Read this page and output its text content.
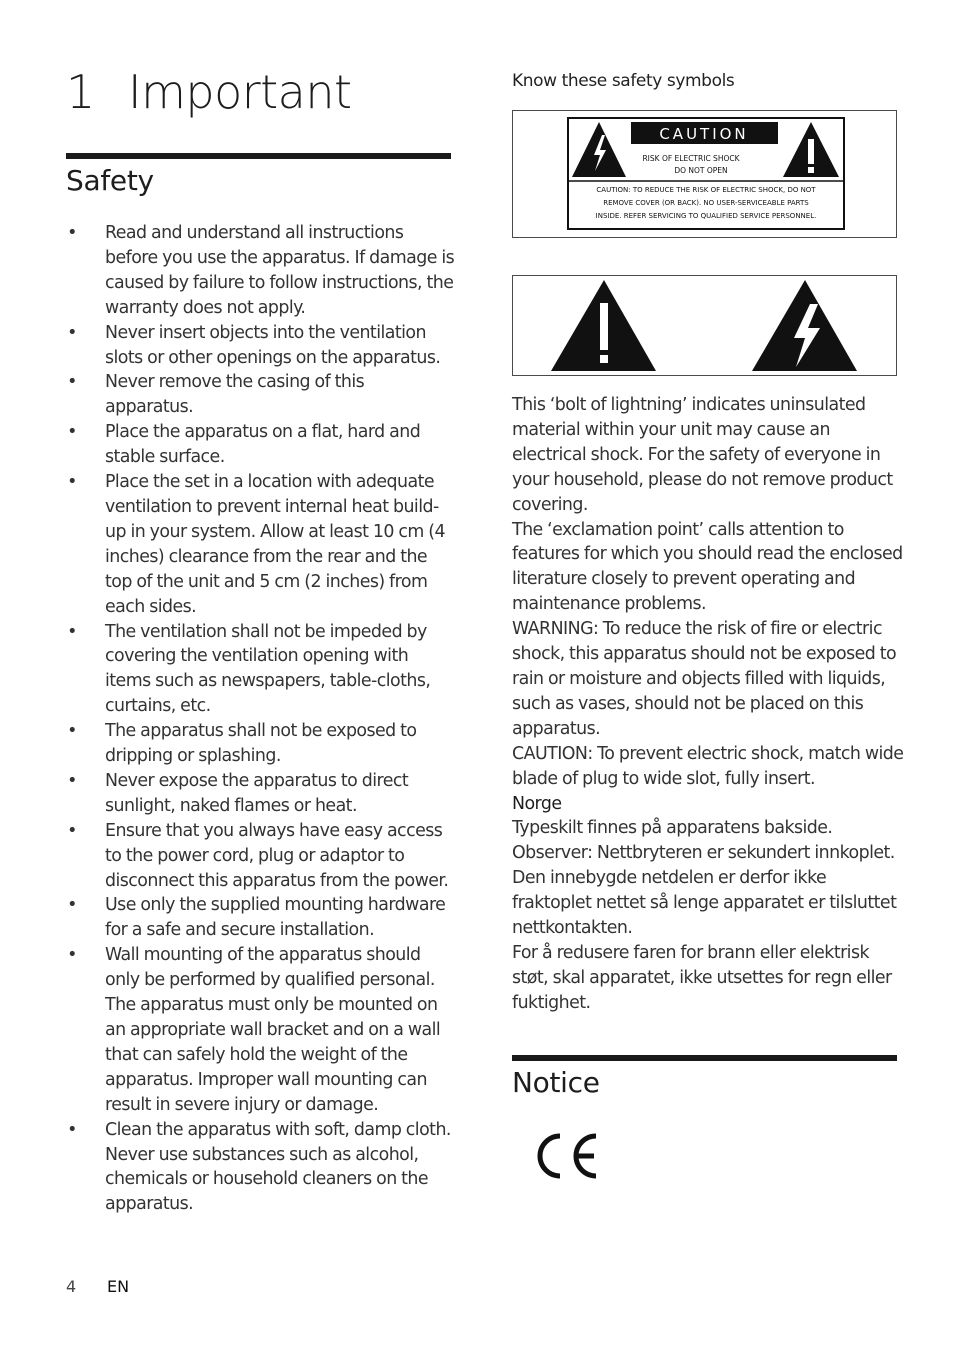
1 Important
Safety
• Read and understand all instructions before you use the apparatus. If damage is caused by failure to follow instructions, the warranty does not apply.
• Never insert objects into the ventilation slots or other openings on the apparatus.
• Never remove the casing of this apparatus.
• Place the apparatus on a flat, hard and stable surface.
• Place the set in a location with adequate ventilation to prevent internal heat build-up in your system. Allow at least 10 cm (4 inches) clearance from the rear and the top of the unit and 5 cm (2 inches) from each sides.
• The ventilation shall not be impeded by covering the ventilation opening with items such as newspapers, table-cloths, curtains, etc.
• The apparatus shall not be exposed to dripping or splashing.
• Never expose the apparatus to direct sunlight, naked flames or heat.
• Ensure that you always have easy access to the power cord, plug or adaptor to disconnect this apparatus from the power.
• Use only the supplied mounting hardware for a safe and secure installation.
• Wall mounting of the apparatus should only be performed by qualified personal. The apparatus must only be mounted on an appropriate wall bracket and on a wall that can safely hold the weight of the apparatus. Improper wall mounting can result in severe injury or damage.
• Clean the apparatus with soft, damp cloth. Never use substances such as alcohol, chemicals or household cleaners on the apparatus.
Know these safety symbols
CAUTION
RISK OF ELECTRIC SHOCK
DO NOT OPEN
CAUTION: TO REDUCE THE RISK OF ELECTRIC SHOCK, DO NOT
REMOVE COVER (OR BACK). NO USER-SERVICEABLE PARTS
INSIDE. REFER SERVICING TO QUALIFIED SERVICE PERSONNEL.

This ‘bolt of lightning’ indicates uninsulated material within your unit may cause an electrical shock. For the safety of everyone in your household, please do not remove product covering.

The ‘exclamation point’ calls attention to features for which you should read the enclosed literature closely to prevent operating and maintenance problems.

WARNING: To reduce the risk of fire or electric shock, this apparatus should not be exposed to rain or moisture and objects filled with liquids, such as vases, should not be placed on this apparatus.

CAUTION: To prevent electric shock, match wide blade of plug to wide slot, fully insert.

Norge

Typeskilt finnes på apparatens bakside.

Observer: Nettbryteren er sekundert innkoplet. Den innebygde netdelen er derfor ikke fraktoplet nettet så lenge apparatet er tilsluttet nettkontakten.

For å redusere faren for brann eller elektrisk støt, skal apparatet, ikke utsettes for regn eller fuktighet.

Notice
4 EN
